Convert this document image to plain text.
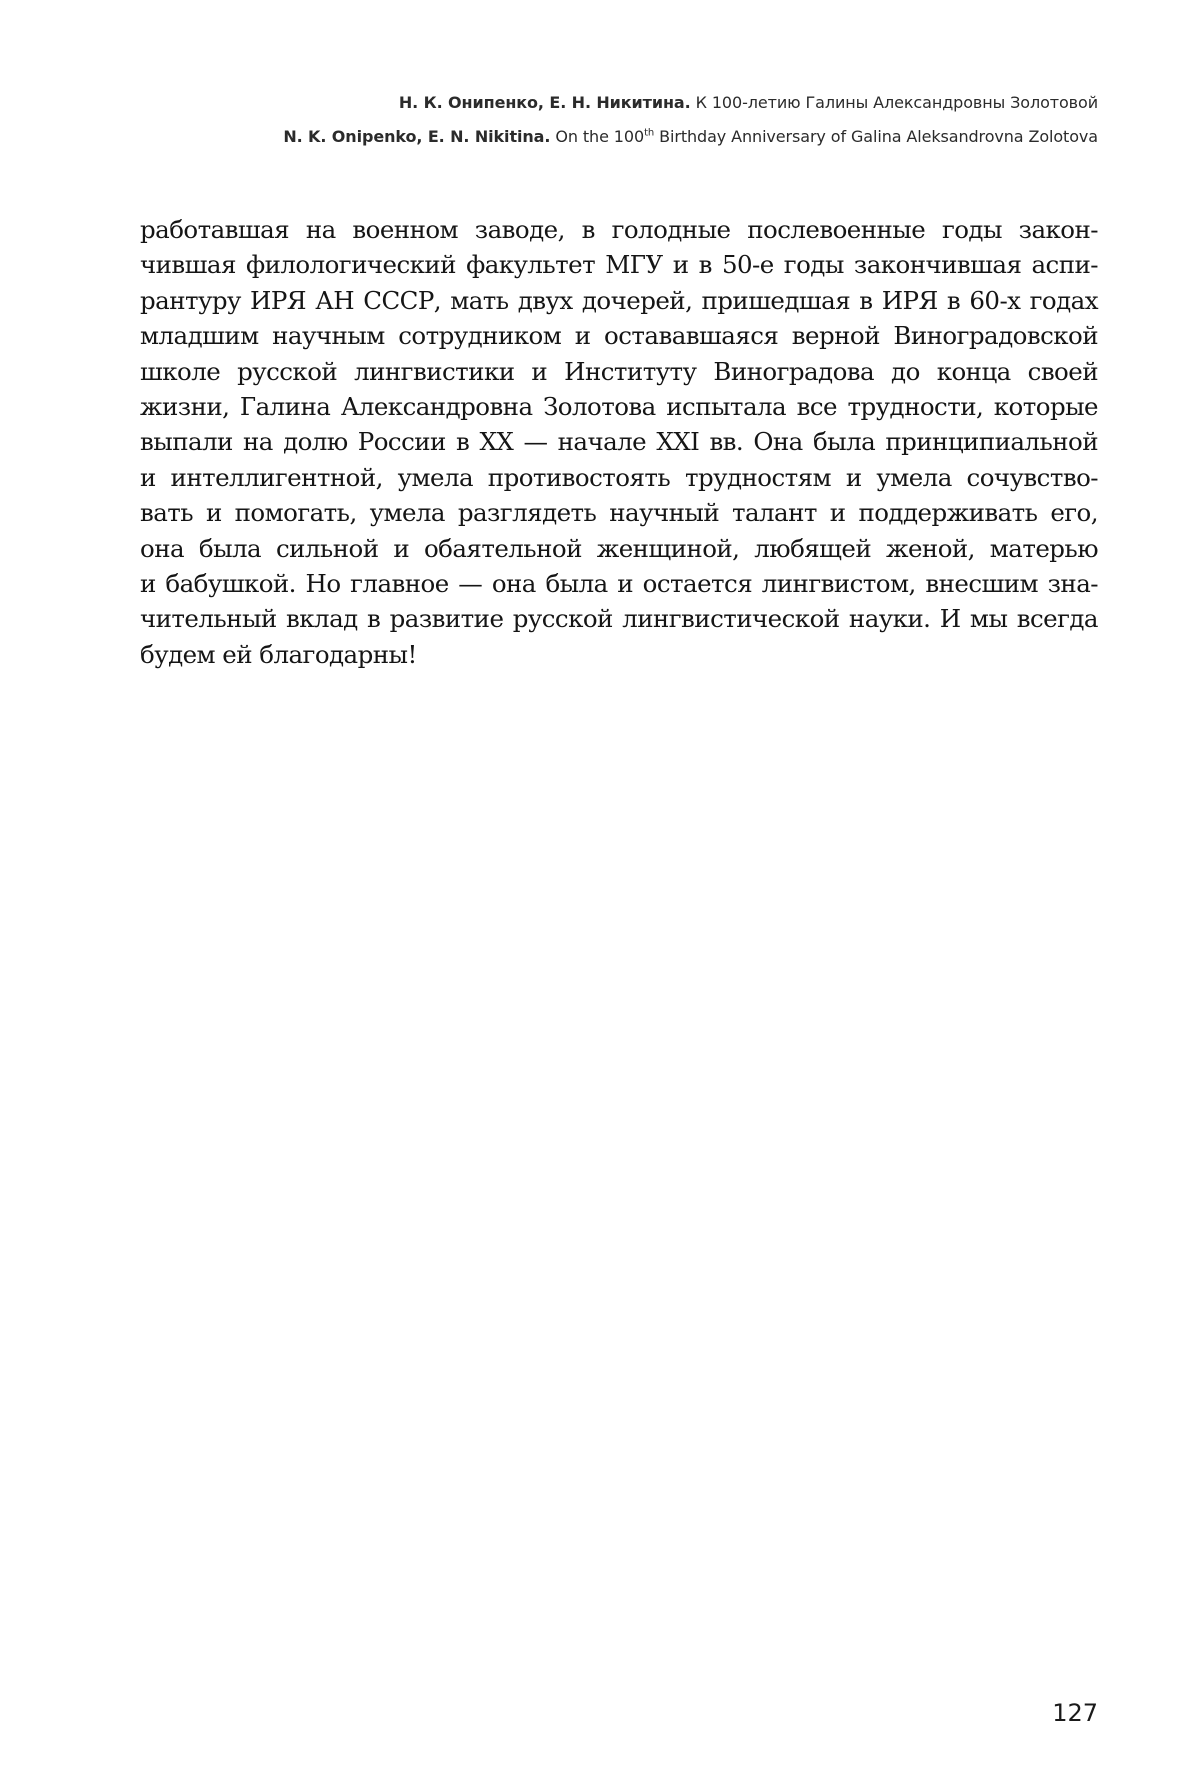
Н. К. Онипенко, Е. Н. Никитина. К 100-летию Галины Александровны Золотовой
N. K. Onipenko, E. N. Nikitina. On the 100th Birthday Anniversary of Galina Aleksandrovna Zolotova

работавшая на военном заводе, в голодные послевоенные годы закон-
чившая филологический факультет МГУ и в 50-е годы закончившая аспи-
рантуру ИРЯ АН СССР, мать двух дочерей, пришедшая в ИРЯ в 60-х годах
младшим научным сотрудником и остававшаяся верной Виноградовской
школе русской лингвистики и Институту Виноградова до конца своей
жизни, Галина Александровна Золотова испытала все трудности, которые
выпали на долю России в XX — начале XXI вв. Она была принципиальной
и интеллигентной, умела противостоять трудностям и умела сочувство-
вать и помогать, умела разглядеть научный талант и поддерживать его,
она была сильной и обаятельной женщиной, любящей женой, матерью
и бабушкой. Но главное — она была и остается лингвистом, внесшим зна-
чительный вклад в развитие русской лингвистической науки. И мы всегда
будем ей благодарны!

127
